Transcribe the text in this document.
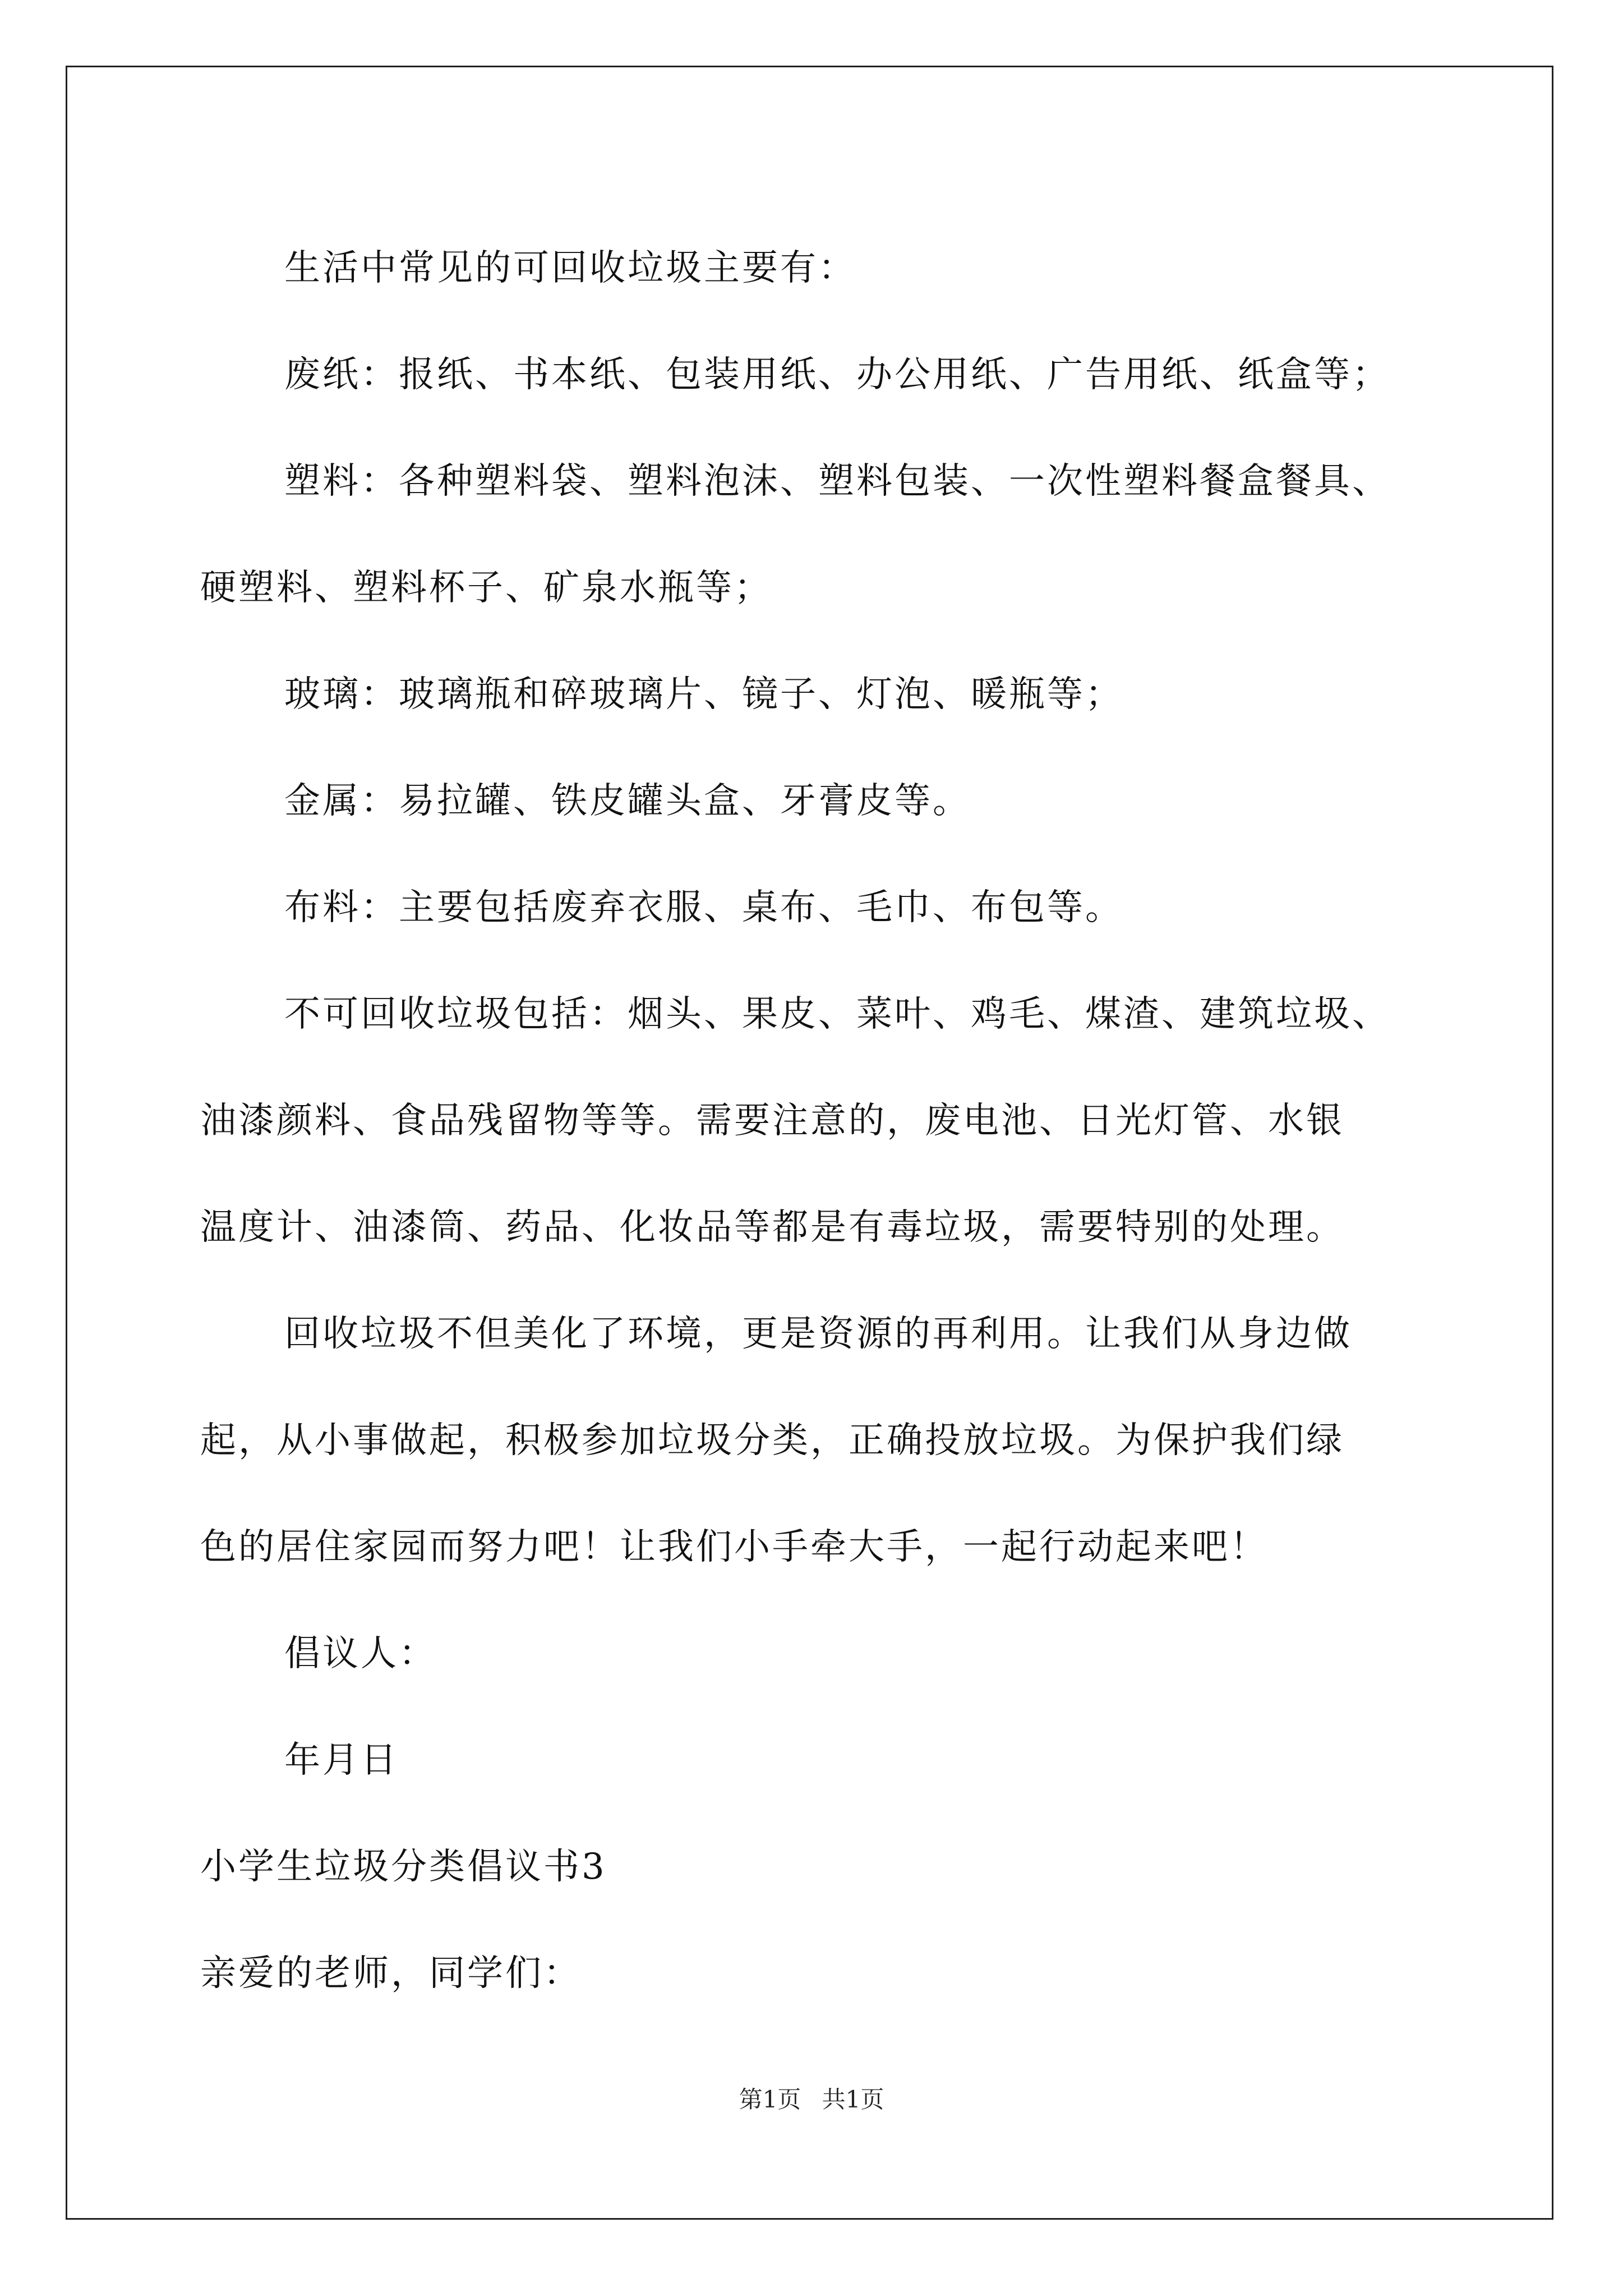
生活中常见的可回收垃圾主要有：
废纸：报纸、书本纸、包装用纸、办公用纸、广告用纸、纸盒等；
塑料：各种塑料袋、塑料泡沫、塑料包装、一次性塑料餐盒餐具、
硬塑料、塑料杯子、矿泉水瓶等；
玻璃：玻璃瓶和碎玻璃片、镜子、灯泡、暖瓶等；
金属：易拉罐、铁皮罐头盒、牙膏皮等。
布料：主要包括废弃衣服、桌布、毛巾、布包等。
不可回收垃圾包括：烟头、果皮、菜叶、鸡毛、煤渣、建筑垃圾、
油漆颜料、食品残留物等等。需要注意的，废电池、日光灯管、水银
温度计、油漆筒、药品、化妆品等都是有毒垃圾，需要特别的处理。
回收垃圾不但美化了环境，更是资源的再利用。让我们从身边做
起，从小事做起，积极参加垃圾分类，正确投放垃圾。为保护我们绿
色的居住家园而努力吧！让我们小手牵大手，一起行动起来吧！
倡议人：
年月日
小学生垃圾分类倡议书3
亲爱的老师，同学们：
第1页 共1页
